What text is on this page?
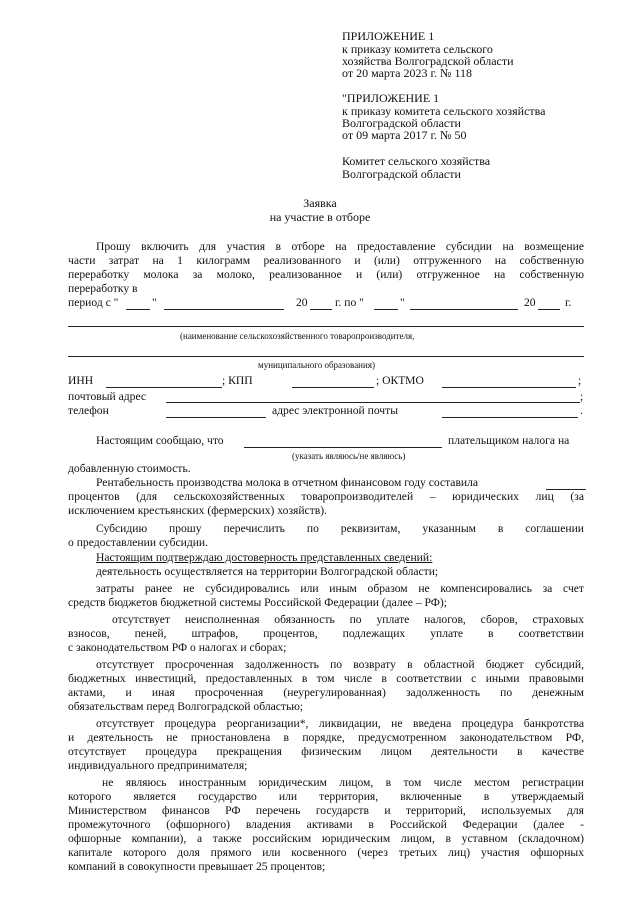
ПРИЛОЖЕНИЕ 1
к приказу комитета сельского
хозяйства Волгоградской области
от 20 марта 2023 г. № 118
"ПРИЛОЖЕНИЕ 1
к приказу комитета сельского хозяйства
Волгоградской области
от 09 марта 2017 г. № 50
Комитет сельского хозяйства
Волгоградской области
Заявка
на участие в отборе
Прошу включить для участия в отборе на предоставление субсидии на возмещение
части затрат на 1 килограмм реализованного и (или) отгруженного на собственную
переработку молока за молоко, реализованное и (или) отгруженное на собственную
переработку в
период с "	"	20 г. по "	"	20	г.
(наименование сельскохозяйственного товаропроизводителя,
муниципального образования)
ИНН	; КПП	; ОКТМО	;
почтовый адрес	;
телефон	адрес электронной почты	.
Настоящим сообщаю, что	плательщиком налога на
(указать являюсь/не являюсь)
добавленную стоимость.
Рентабельность производства молока в отчетном финансовом году составила
процентов (для сельскохозяйственных товаропроизводителей – юридических лиц (за
исключением крестьянских (фермерских) хозяйств).
Субсидию прошу перечислить по реквизитам, указанным в соглашении
о предоставлении субсидии.
Настоящим подтверждаю достоверность представленных сведений:
деятельность осуществляется на территории Волгоградской области;
затраты ранее не субсидировались или иным образом не компенсировались за счет
средств бюджетов бюджетной системы Российской Федерации (далее – РФ);
отсутствует неисполненная обязанность по уплате налогов, сборов, страховых
взносов, пеней, штрафов, процентов, подлежащих уплате в соответствии
с законодательством РФ о налогах и сборах;
отсутствует просроченная задолженность по возврату в областной бюджет субсидий,
бюджетных инвестиций, предоставленных в том числе в соответствии с иными правовыми
актами, и иная просроченная (неурегулированная) задолженность по денежным
обязательствам перед Волгоградской областью;
отсутствует процедура реорганизации*, ликвидации, не введена процедура банкротства
и деятельность не приостановлена в порядке, предусмотренном законодательством РФ,
отсутствует процедура прекращения физическим лицом деятельности в качестве
индивидуального предпринимателя;
не являюсь иностранным юридическим лицом, в том числе местом регистрации
которого является государство или территория, включенные в утверждаемый
Министерством финансов РФ перечень государств и территорий, используемых для
промежуточного (офшорного) владения активами в Российской Федерации (далее -
офшорные компании), а также российским юридическим лицом, в уставном (складочном)
капитале которого доля прямого или косвенного (через третьих лиц) участия офшорных
компаний в совокупности превышает 25 процентов;
